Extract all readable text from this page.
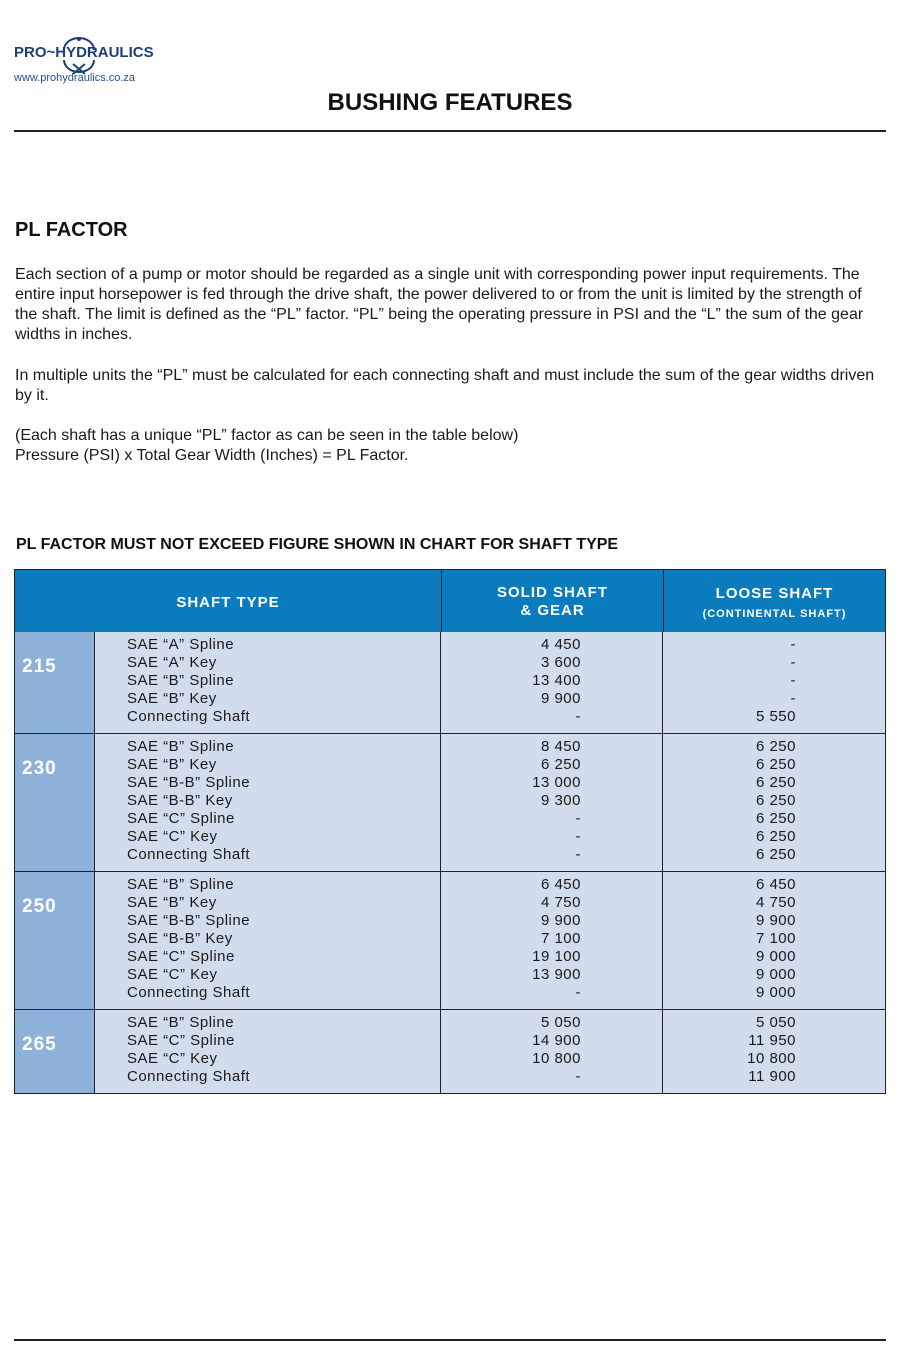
PRO~HYDRAULICS
www.prohydraulics.co.za
BUSHING FEATURES
PL FACTOR
Each section of a pump or motor should be regarded as a single unit with corresponding power input requirements. The entire input horsepower is fed through the drive shaft, the power delivered to or from the unit is limited by the strength of the shaft. The limit is defined as the “PL” factor. “PL” being the operating pressure in PSI and the “L” the sum of the gear widths in inches.
In multiple units the “PL” must be calculated for each connecting shaft and must include the sum of the gear widths driven by it.
(Each shaft has a unique “PL” factor as can be seen in the table below)
Pressure (PSI) x Total Gear Width (Inches) = PL Factor.
PL FACTOR MUST NOT EXCEED FIGURE SHOWN IN CHART FOR SHAFT TYPE
SHAFT TYPE
SOLID SHAFT
& GEAR
LOOSE SHAFT
(CONTINENTAL SHAFT)
215
SAE “A” Spline	4 450	-
SAE “A” Key	3 600	-
SAE “B” Spline	13 400	-
SAE “B” Key	9 900	-
Connecting Shaft	-	5 550
230
SAE “B” Spline	8 450	6 250
SAE “B” Key	6 250	6 250
SAE “B-B” Spline	13 000	6 250
SAE “B-B” Key	9 300	6 250
SAE “C” Spline	-	6 250
SAE “C” Key	-	6 250
Connecting Shaft	-	6 250
250
SAE “B” Spline	6 450	6 450
SAE “B” Key	4 750	4 750
SAE “B-B” Spline	9 900	9 900
SAE “B-B” Key	7 100	7 100
SAE “C” Spline	19 100	9 000
SAE “C” Key	13 900	9 000
Connecting Shaft	-	9 000
265
SAE “B” Spline	5 050	5 050
SAE “C” Spline	14 900	11 950
SAE “C” Key	10 800	10 800
Connecting Shaft	-	11 900
